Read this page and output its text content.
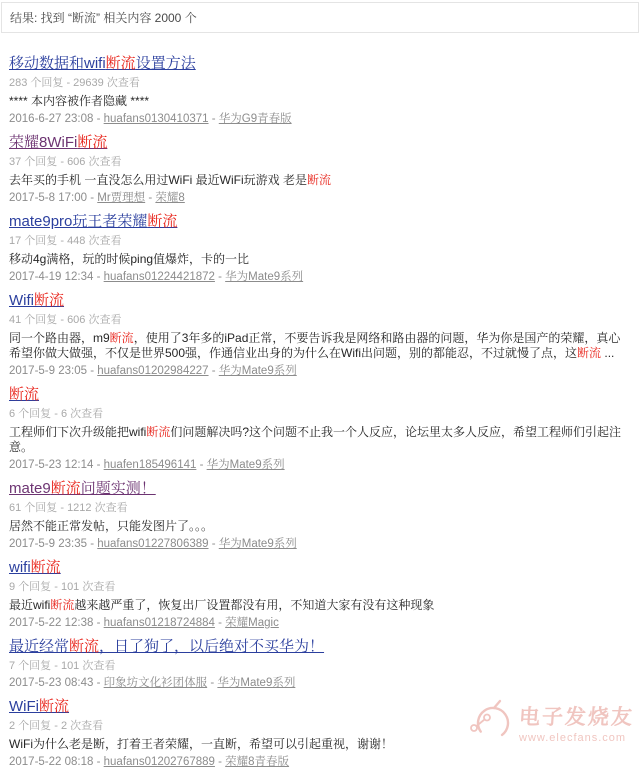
结果: 找到 “断流” 相关内容 2000 个
移动数据和wifi断流设置方法
283 个回复 - 29639 次查看
**** 本内容被作者隐藏 ****
2016-6-27 23:08 - huafans0130410371 - 华为G9青春版
荣耀8WiFi断流
37 个回复 - 606 次查看
去年买的手机 一直没怎么用过WiFi 最近WiFi玩游戏 老是断流
2017-5-8 17:00 - Mr贾理想 - 荣耀8
mate9pro玩王者荣耀断流
17 个回复 - 448 次查看
移动4g满格，玩的时候ping值爆炸，卡的一比
2017-4-19 12:34 - huafans01224421872 - 华为Mate9系列
Wifi断流
41 个回复 - 606 次查看
同一个路由器，m9断流，使用了3年多的iPad正常，不要告诉我是网络和路由器的问题，华为你是国产的荣耀，真心希望你做大做强，不仅是世界500强，作通信业出身的为什么在Wifi出问题，别的都能忍，不过就慢了点，这断流 ...
2017-5-9 23:05 - huafans01202984227 - 华为Mate9系列
断流
6 个回复 - 6 次查看
工程师们下次升级能把wifi断流们问题解决吗?这个问题不止我一个人反应，论坛里太多人反应，希望工程师们引起注意。
2017-5-23 12:14 - huafen185496141 - 华为Mate9系列
mate9断流问题实测！
61 个回复 - 1212 次查看
居然不能正常发帖，只能发图片了。。。
2017-5-9 23:35 - huafans01227806389 - 华为Mate9系列
wifi断流
9 个回复 - 101 次查看
最近wifi断流越来越严重了，恢复出厂设置都没有用，不知道大家有没有这种现象
2017-5-22 12:38 - huafans01218724884 - 荣耀Magic
最近经常断流，日了狗了，以后绝对不买华为！
7 个回复 - 101 次查看
2017-5-23 08:43 - 印象坊文化衫团体服 - 华为Mate9系列
WiFi断流
2 个回复 - 2 次查看
WiFi为什么老是断，打着王者荣耀，一直断，希望可以引起重视，谢谢！
2017-5-22 08:18 - huafans01202767889 - 荣耀8青春版
电子发烧友
www.elecfans.com
